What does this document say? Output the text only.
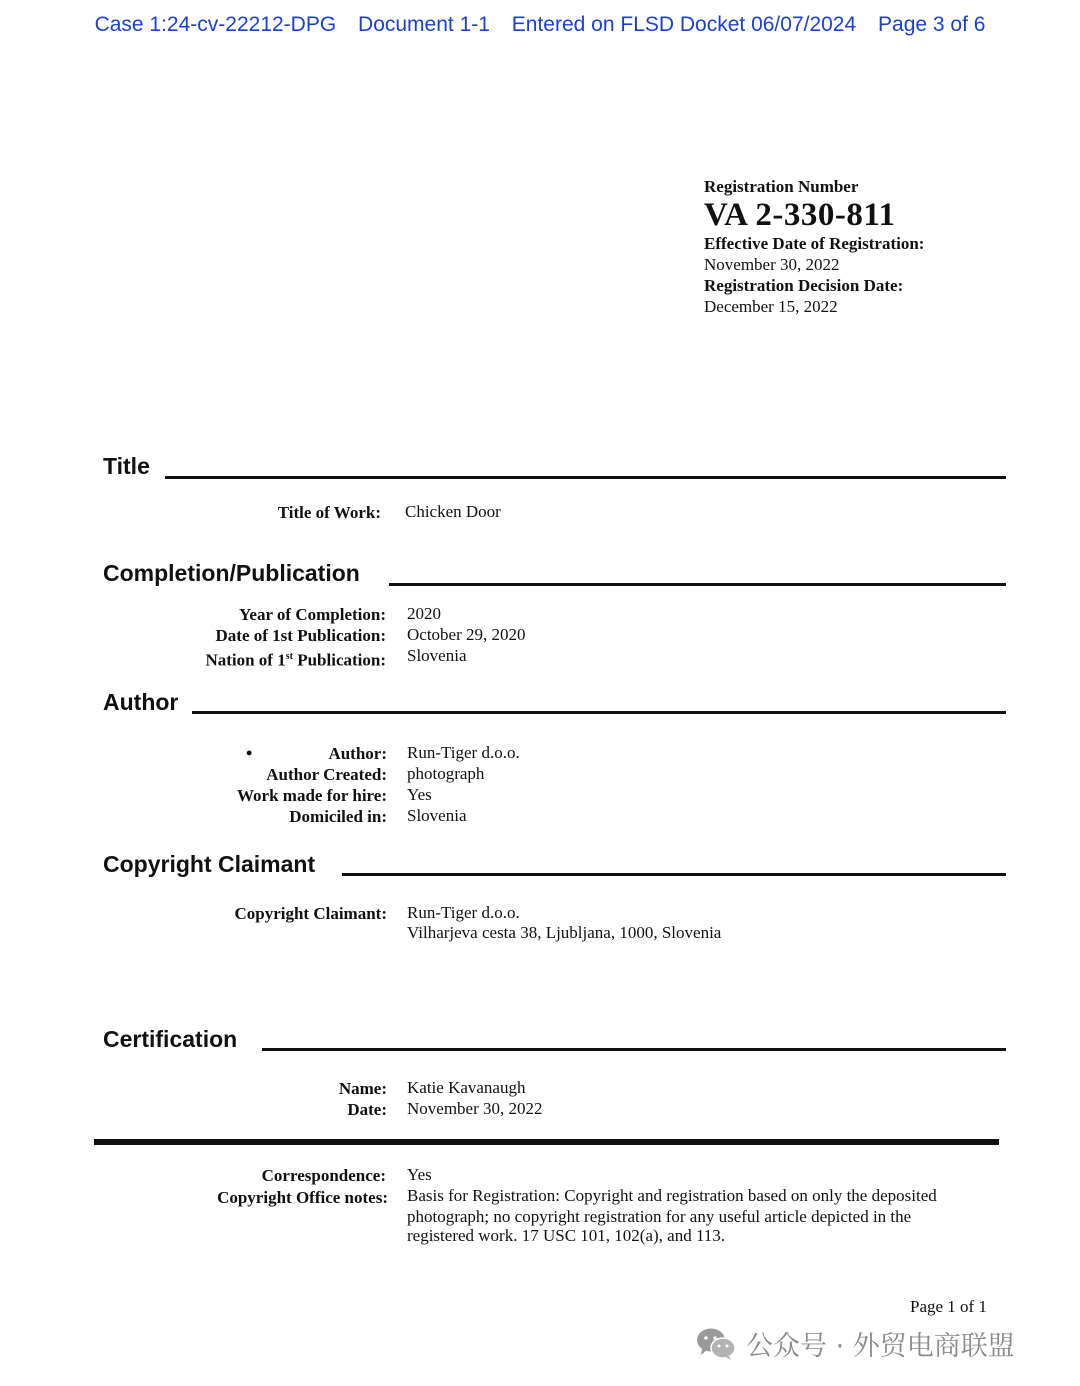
Case 1:24-cv-22212-DPG Document 1-1 Entered on FLSD Docket 06/07/2024 Page 3 of 6
Registration Number
VA 2-330-811
Effective Date of Registration:
November 30, 2022
Registration Decision Date:
December 15, 2022
Title
Title of Work: Chicken Door
Completion/Publication
Year of Completion: 2020
Date of 1st Publication: October 29, 2020
Nation of 1st Publication: Slovenia
Author
•	Author: Run-Tiger d.o.o.
Author Created: photograph
Work made for hire: Yes
Domiciled in: Slovenia
Copyright Claimant
Copyright Claimant: Run-Tiger d.o.o.
Vilharjeva cesta 38, Ljubljana, 1000, Slovenia
Certification
Name: Katie Kavanaugh
Date: November 30, 2022
Correspondence: Yes
Copyright Office notes: Basis for Registration: Copyright and registration based on only the deposited
photograph; no copyright registration for any useful article depicted in the
registered work. 17 USC 101, 102(a), and 113.
Page 1 of 1
公众号 · 外贸电商联盟
